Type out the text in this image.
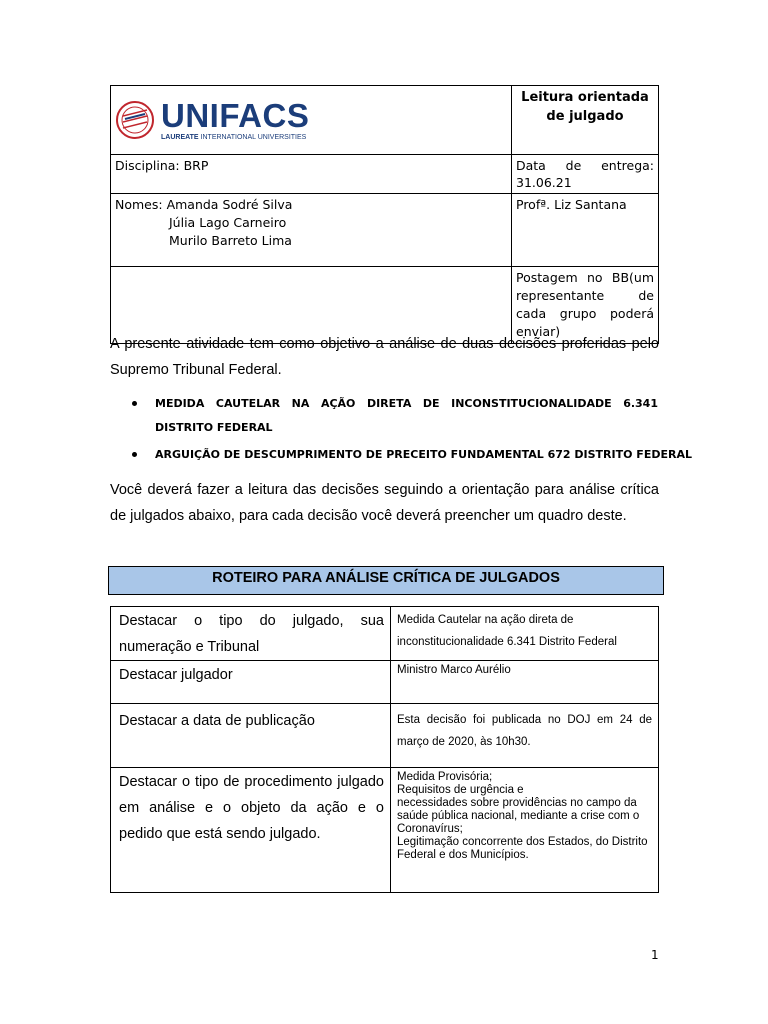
UNIFACS
LAUREATE INTERNATIONAL UNIVERSITIES	Leitura orientada de julgado
Disciplina: BRP	Data de entrega: 31.06.21

Nomes: Amanda Sodré Silva
Júlia Lago Carneiro
Murilo Barreto Lima	Profª. Liz Santana
	Postagem no BB(um representante de cada grupo poderá enviar)
A presente atividade tem como objetivo a análise de duas decisões proferidas pelo Supremo Tribunal Federal.
MEDIDA CAUTELAR NA AÇÃO DIRETA DE INCONSTITUCIONALIDADE 6.341 DISTRITO FEDERAL
ARGUIÇÃO DE DESCUMPRIMENTO DE PRECEITO FUNDAMENTAL 672 DISTRITO FEDERAL
Você deverá fazer a leitura das decisões seguindo a orientação para análise crítica de julgados abaixo, para cada decisão você deverá preencher um quadro deste.
ROTEIRO PARA ANÁLISE CRÍTICA DE JULGADOS
Destacar o tipo do julgado, sua numeração e Tribunal	Medida Cautelar na ação direta de inconstitucionalidade 6.341 Distrito Federal
Destacar julgador	Ministro Marco Aurélio
Destacar a data de publicação	Esta decisão foi publicada no DOJ em 24 de março de 2020, às 10h30.
Destacar o tipo de procedimento julgado em análise e o objeto da ação e o pedido que está sendo julgado.	Medida Provisória;
Requisitos de urgência e
necessidades sobre providências no campo da saúde pública nacional, mediante a crise com o Coronavírus;
Legitimação concorrente dos Estados, do Distrito Federal e dos Municípios.
1
